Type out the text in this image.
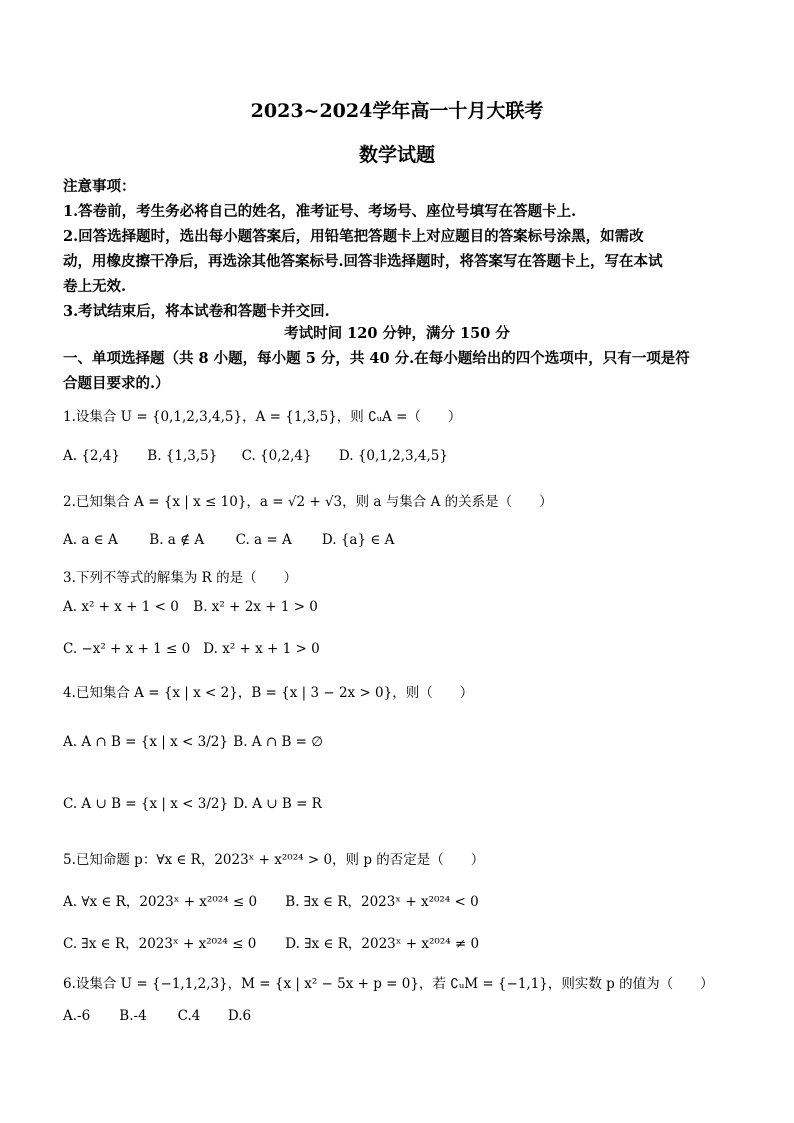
2023~2024学年高一十月大联考
数学试题

注意事项：

1.答卷前，考生务必将自己的姓名，准考证号、考场号、座位号填写在答题卡上.

2.回答选择题时，选出每小题答案后，用铅笔把答题卡上对应题目的答案标号涂黑，如需改

动，用橡皮擦干净后，再选涂其他答案标号.回答非选择题时，将答案写在答题卡上，写在本试

卷上无效.

3.考试结束后，将本试卷和答题卡并交回.

考试时间 120 分钟，满分 150 分
一、单项选择题（共 8 小题，每小题 5 分，共 40 分.在每小题给出的四个选项中，只有一项是符
合题目要求的.）
1.设集合 U = {0,1,2,3,4,5}，A = {1,3,5}，则 ∁ᵤA =（　　）
A. {2,4} B. {1,3,5} C. {0,2,4} D. {0,1,2,3,4,5}
2.已知集合 A = {x | x ≤ 10}，a = √2 + √3，则 a 与集合 A 的关系是（　　）
A. a ∈ A B. a ∉ A C. a = A D. {a} ∈ A
3.下列不等式的解集为 R 的是（　　）
A. x² + x + 1 < 0 B. x² + 2x + 1 > 0
C. −x² + x + 1 ≤ 0 D. x² + x + 1 > 0
4.已知集合 A = {x | x < 2}，B = {x | 3 − 2x > 0}，则（　　）
A. A ∩ B = {x | x < 3/2} B. A ∩ B = ∅
C. A ∪ B = {x | x < 3/2} D. A ∪ B = R
5.已知命题 p：∀x ∈ R，2023ˣ + x²⁰²⁴ > 0，则 p 的否定是（　　）
A. ∀x ∈ R，2023ˣ + x²⁰²⁴ ≤ 0 B. ∃x ∈ R，2023ˣ + x²⁰²⁴ < 0
C. ∃x ∈ R，2023ˣ + x²⁰²⁴ ≤ 0 D. ∃x ∈ R，2023ˣ + x²⁰²⁴ ≠ 0
6.设集合 U = {−1,1,2,3}，M = {x | x² − 5x + p = 0}，若 ∁ᵤM = {−1,1}，则实数 p 的值为（　　）
A.-6 B.-4 C.4 D.6
